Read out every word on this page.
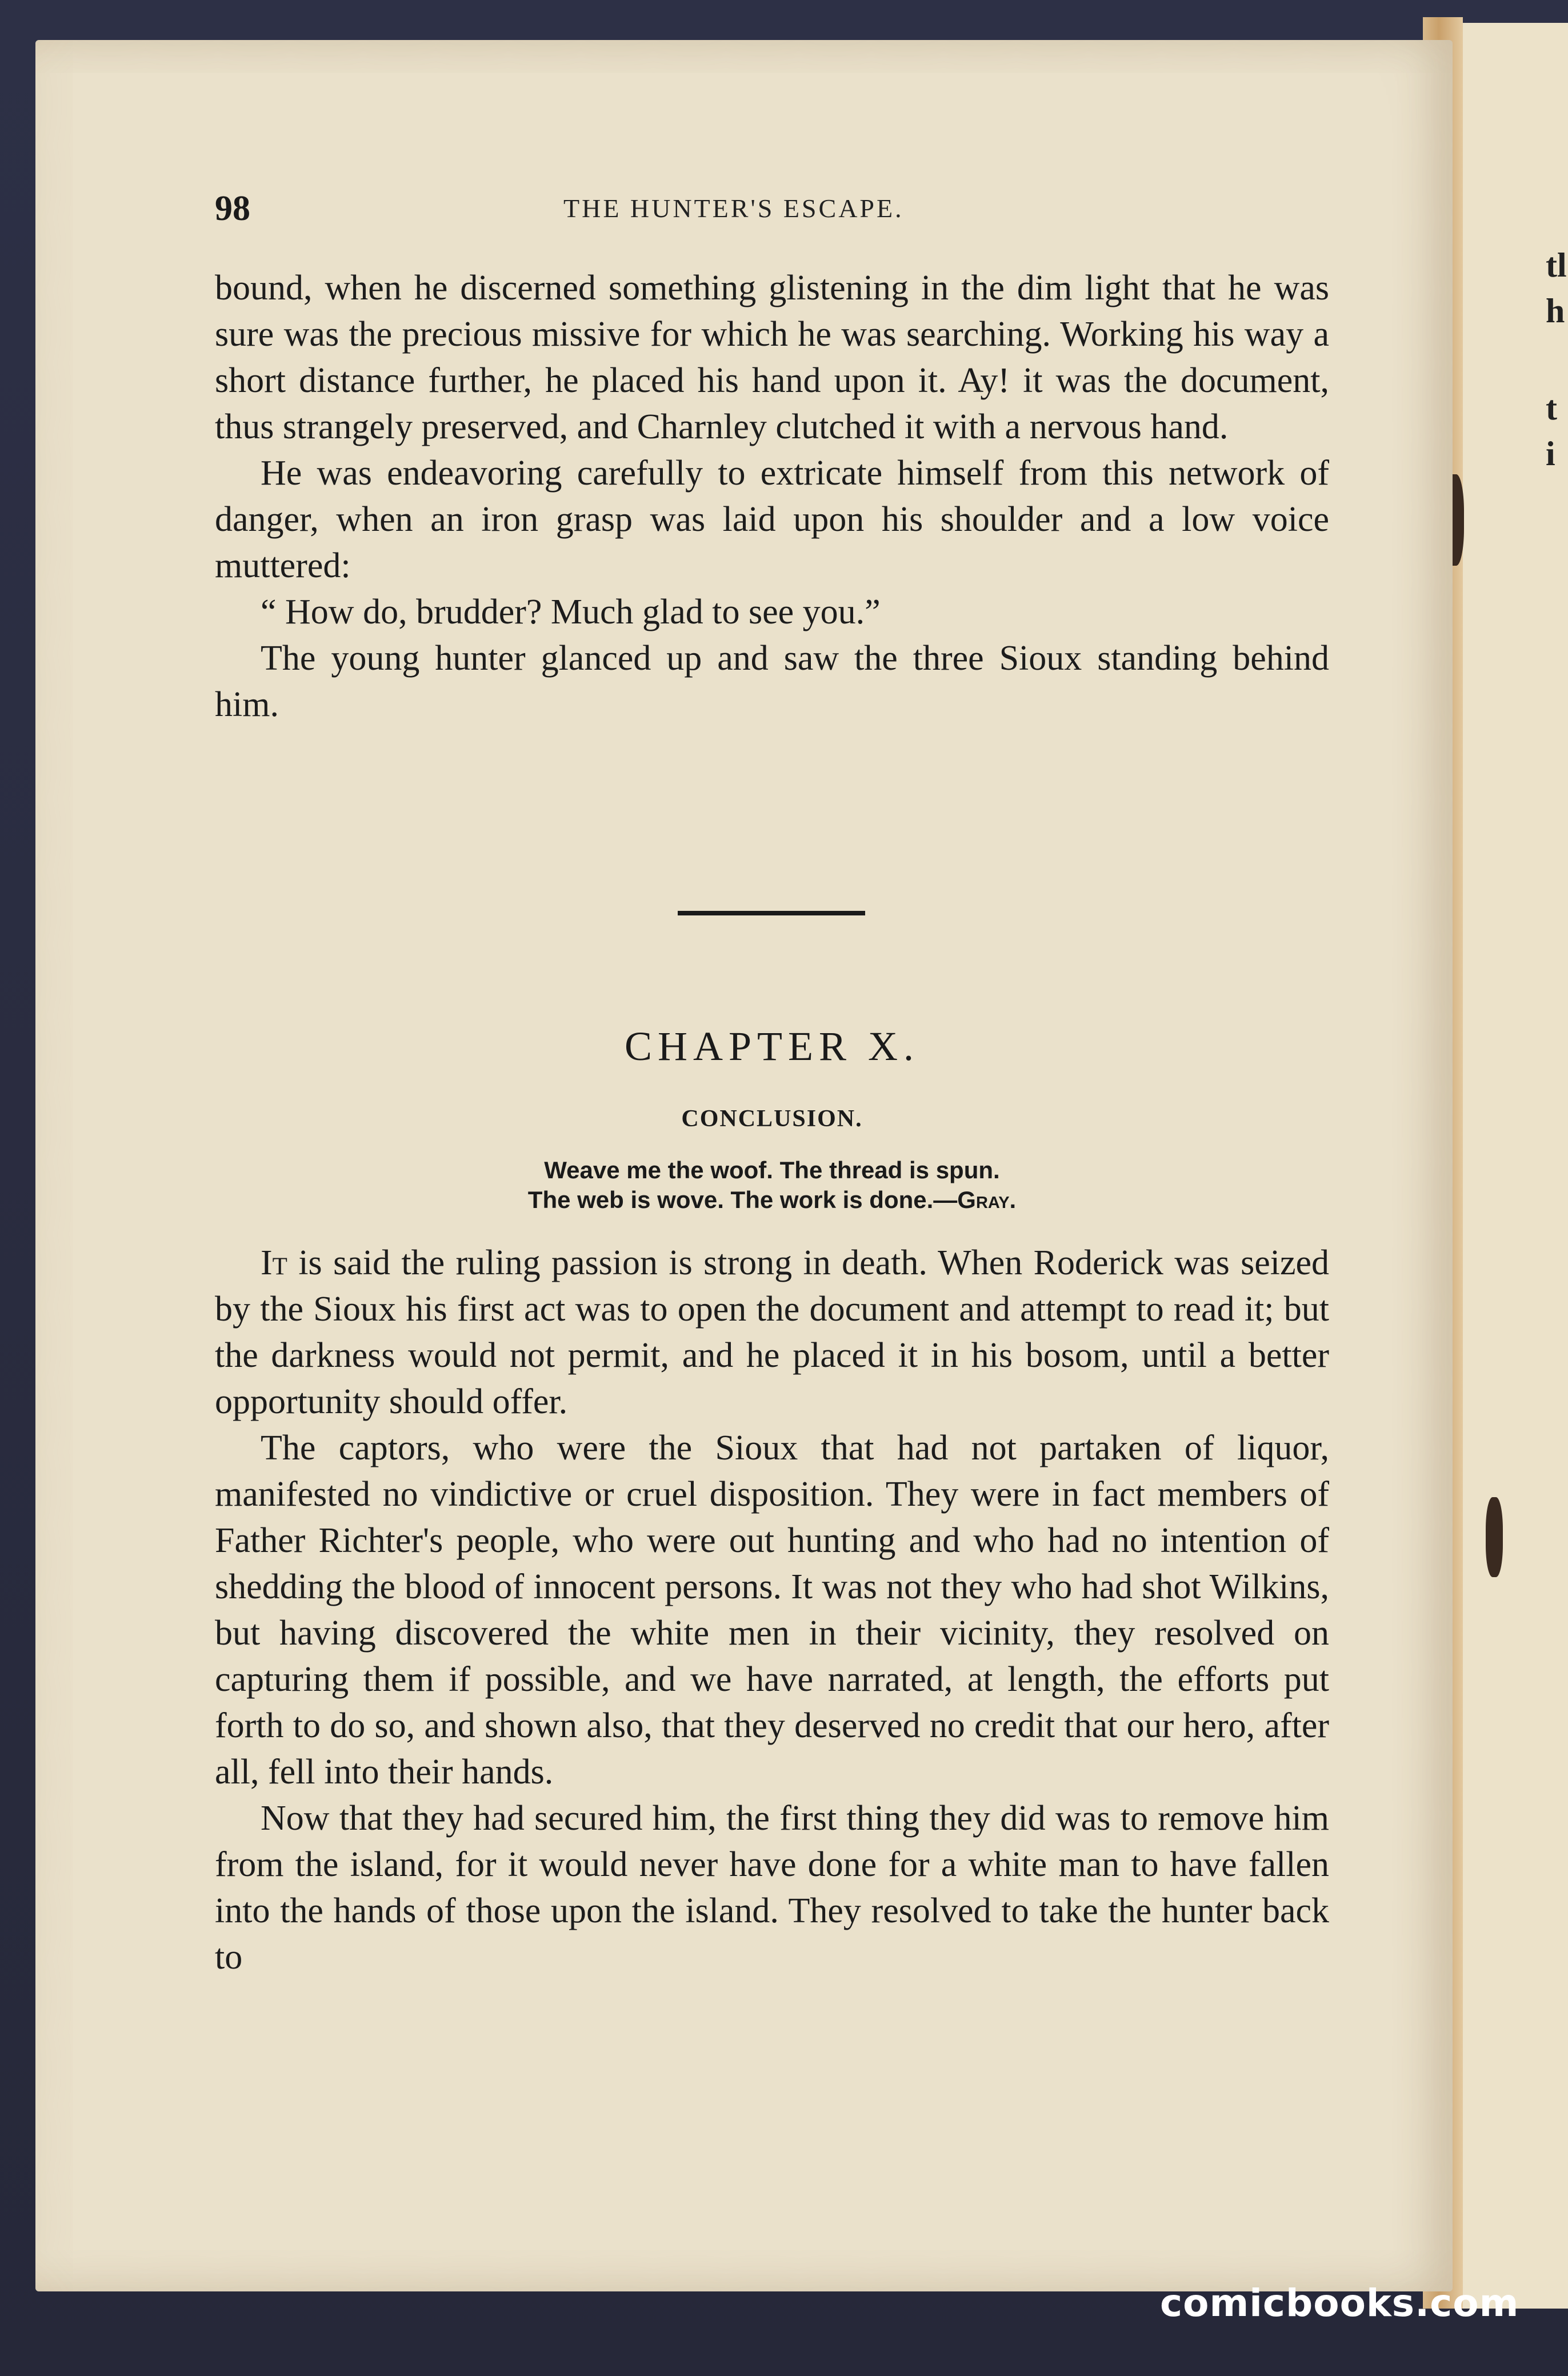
tl
h
t
i
98	THE HUNTER'S ESCAPE.

bound, when he discerned something glistening in the dim light that he was sure was the precious missive for which he was searching. Working his way a short distance further, he placed his hand upon it. Ay! it was the document, thus strangely preserved, and Charnley clutched it with a nervous hand.

He was endeavoring carefully to extricate himself from this network of danger, when an iron grasp was laid upon his shoulder and a low voice muttered:

“ How do, brudder? Much glad to see you.”

The young hunter glanced up and saw the three Sioux standing behind him.

CHAPTER X.
CONCLUSION.
Weave me the woof. The thread is spun.
The web is wove. The work is done.—Gray.

It is said the ruling passion is strong in death. When Roderick was seized by the Sioux his first act was to open the document and attempt to read it; but the darkness would not permit, and he placed it in his bosom, until a better opportunity should offer.

The captors, who were the Sioux that had not partaken of liquor, manifested no vindictive or cruel disposition. They were in fact members of Father Richter's people, who were out hunting and who had no intention of shedding the blood of innocent persons. It was not they who had shot Wilkins, but having discovered the white men in their vicinity, they resolved on capturing them if possible, and we have narrated, at length, the efforts put forth to do so, and shown also, that they deserved no credit that our hero, after all, fell into their hands.

Now that they had secured him, the first thing they did was to remove him from the island, for it would never have done for a white man to have fallen into the hands of those upon the island. They resolved to take the hunter back to

comicbooks.com
